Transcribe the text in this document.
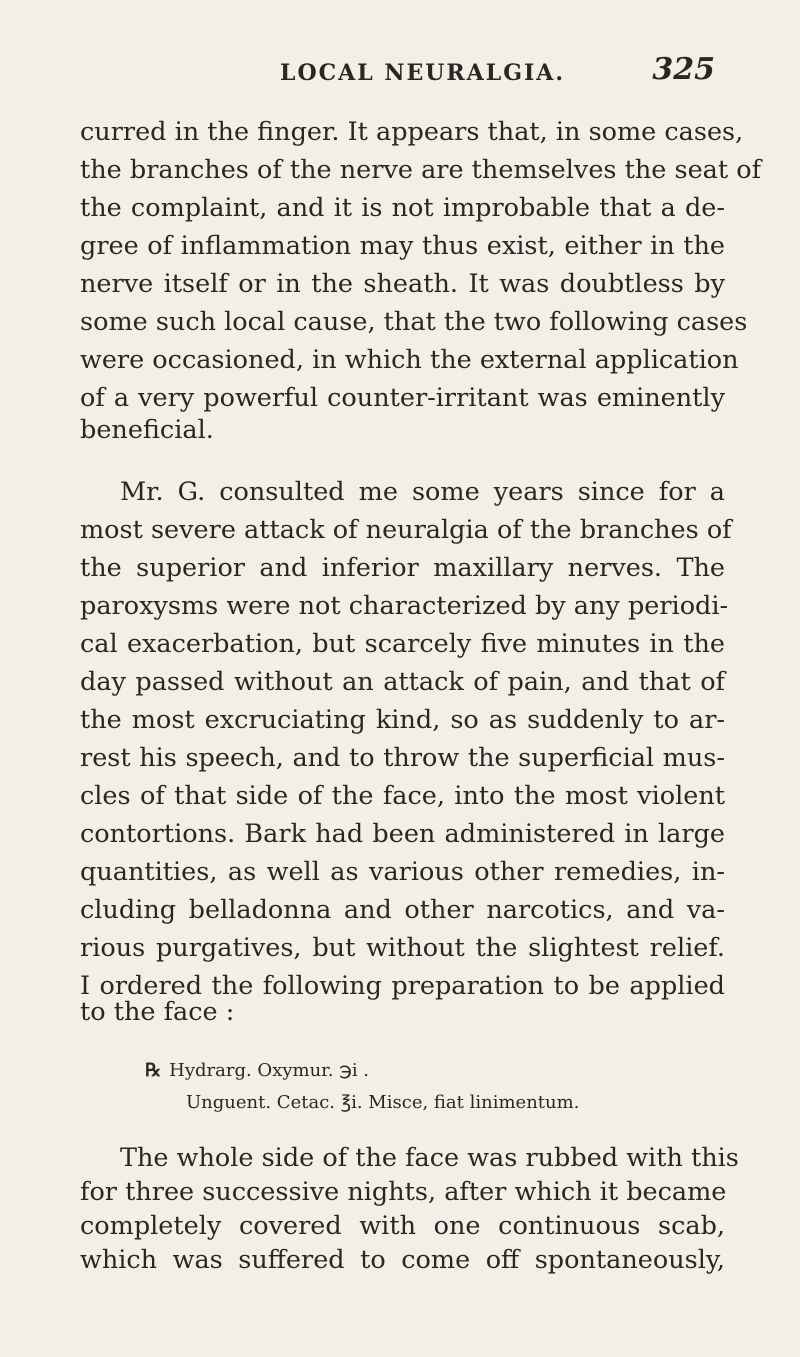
LOCAL NEURALGIA.	325
curred in the finger. It appears that, in some cases,
the branches of the nerve are themselves the seat of
the complaint, and it is not improbable that a de-
gree of inflammation may thus exist, either in the
nerve itself or in the sheath. It was doubtless by
some such local cause, that the two following cases
were occasioned, in which the external application
of a very powerful counter-irritant was eminently
beneficial.
Mr. G. consulted me some years since for a
most severe attack of neuralgia of the branches of
the superior and inferior maxillary nerves. The
paroxysms were not characterized by any periodi-
cal exacerbation, but scarcely five minutes in the
day passed without an attack of pain, and that of
the most excruciating kind, so as suddenly to ar-
rest his speech, and to throw the superficial mus-
cles of that side of the face, into the most violent
contortions. Bark had been administered in large
quantities, as well as various other remedies, in-
cluding belladonna and other narcotics, and va-
rious purgatives, but without the slightest relief.
I ordered the following preparation to be applied
to the face :
℞ Hydrarg. Oxymur. ℈i .
Unguent. Cetac. ℥i. Misce, fiat linimentum.
The whole side of the face was rubbed with this
for three successive nights, after which it became
completely covered with one continuous scab,
which was suffered to come off spontaneously,
